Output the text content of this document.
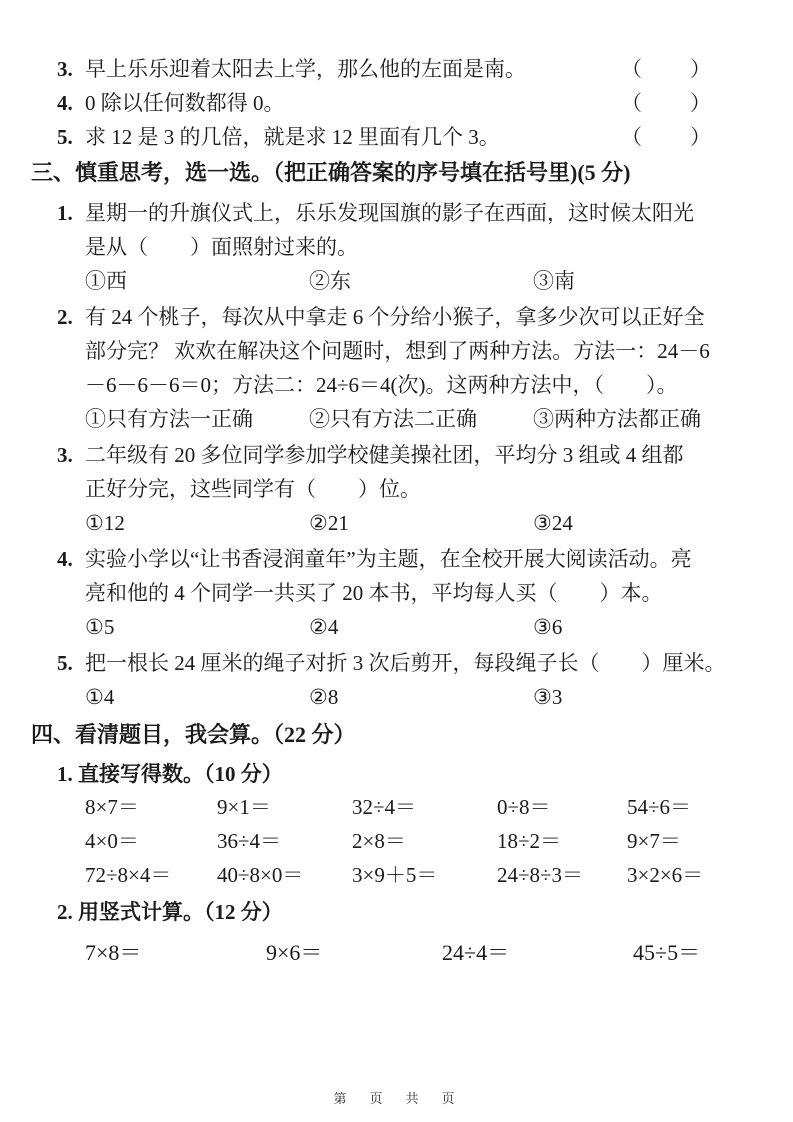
3. 早上乐乐迎着太阳去上学，那么他的左面是南。	（　　）
4. 0 除以任何数都得 0。	（　　）
5. 求 12 是 3 的几倍，就是求 12 里面有几个 3。	（　　）
三、慎重思考，选一选。（把正确答案的序号填在括号里)(5 分)
1. 星期一的升旗仪式上，乐乐发现国旗的影子在西面，这时候太阳光
是从（　　）面照射过来的。
①西	②东	③南
2. 有 24 个桃子，每次从中拿走 6 个分给小猴子，拿多少次可以正好全
部分完？ 欢欢在解决这个问题时，想到了两种方法。方法一：24－6
－6－6－6＝0；方法二：24÷6＝4(次)。这两种方法中，（　　）。
①只有方法一正确	②只有方法二正确	③两种方法都正确
3. 二年级有 20 多位同学参加学校健美操社团，平均分 3 组或 4 组都
正好分完，这些同学有（　　）位。
①12	②21	③24
4. 实验小学以“让书香浸润童年”为主题，在全校开展大阅读活动。亮
亮和他的 4 个同学一共买了 20 本书，平均每人买（　　）本。
①5	②4	③6
5. 把一根长 24 厘米的绳子对折 3 次后剪开，每段绳子长（　　）厘米。
①4	②8	③3
四、看清题目，我会算。（22 分）
1. 直接写得数。（10 分）
8×7＝	9×1＝	32÷4＝	0÷8＝	54÷6＝
4×0＝	36÷4＝	2×8＝	18÷2＝	9×7＝
72÷8×4＝	40÷8×0＝	3×9＋5＝	24÷8÷3＝	3×2×6＝
2. 用竖式计算。（12 分）
7×8＝	9×6＝	24÷4＝	45÷5＝
第　页　共　页
